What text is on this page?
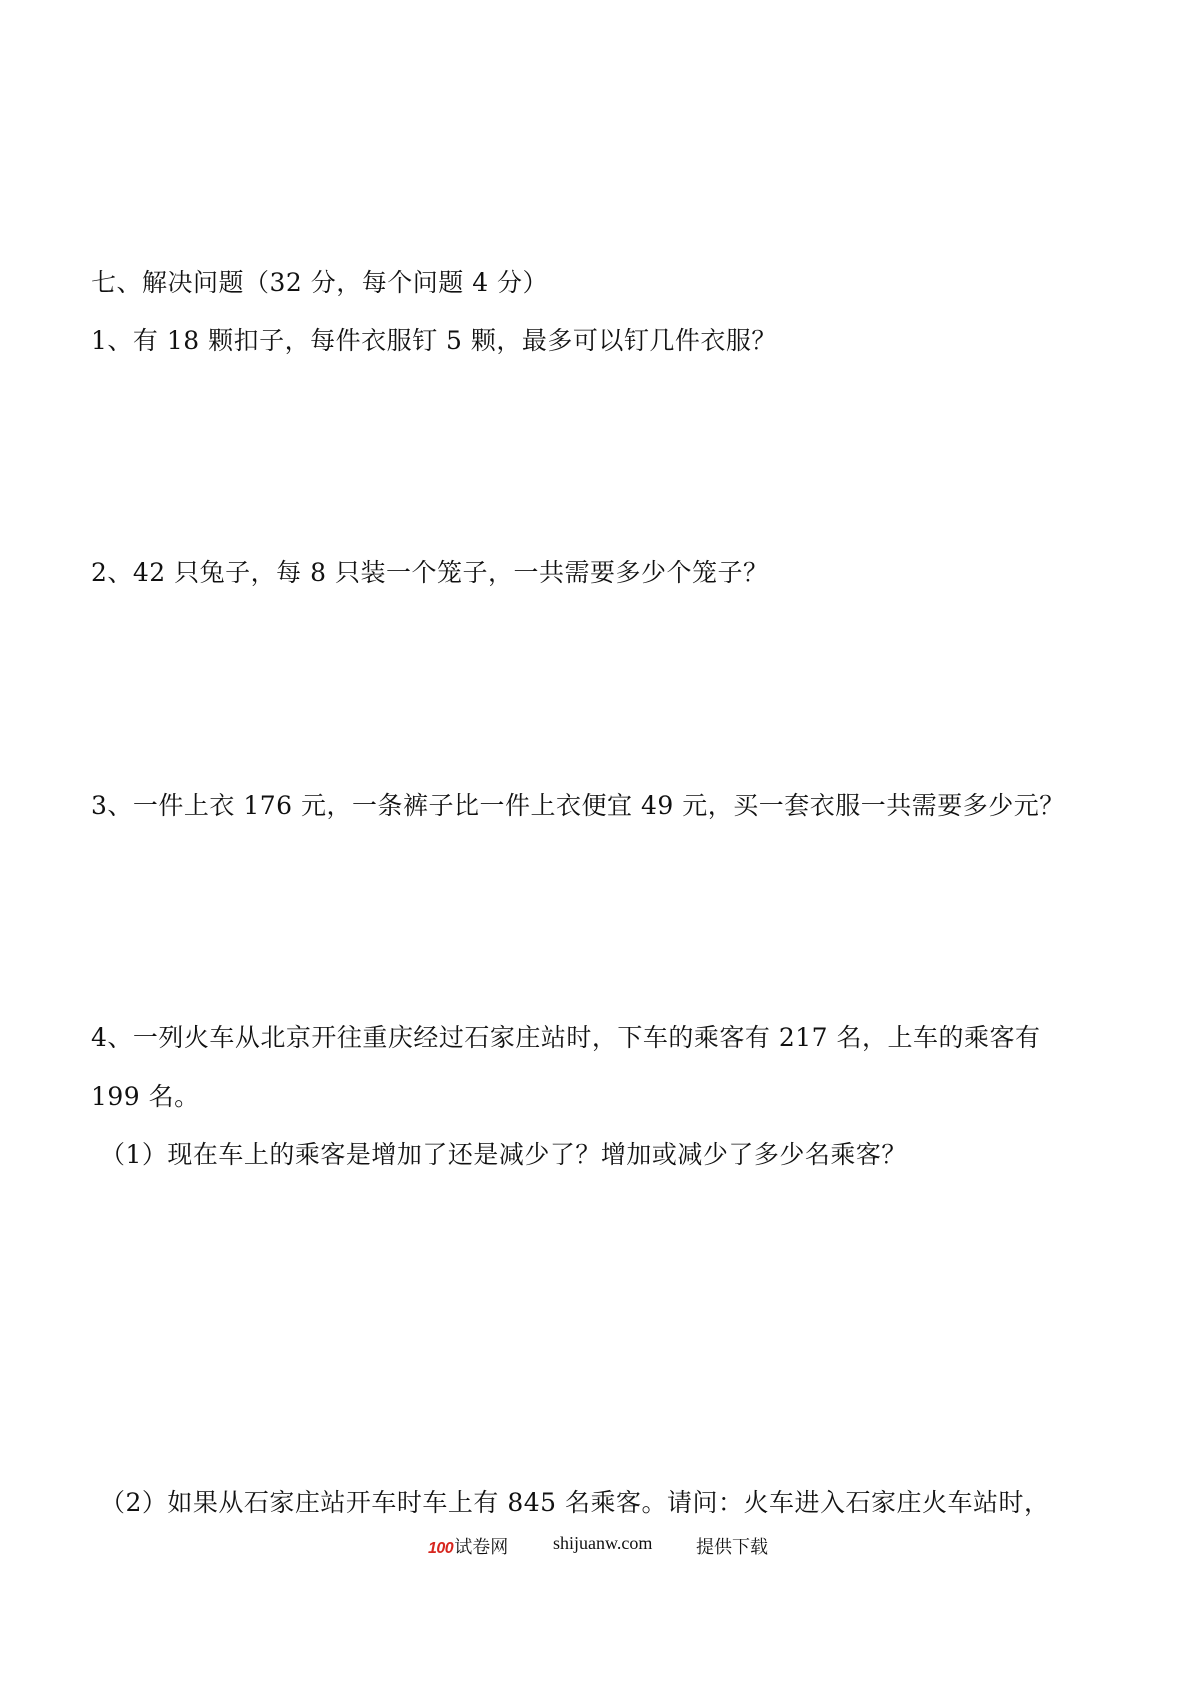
七、解决问题（32 分，每个问题 4 分）
1、有 18 颗扣子，每件衣服钉 5 颗，最多可以钉几件衣服？
2、42 只兔子，每 8 只装一个笼子，一共需要多少个笼子？
3、一件上衣 176 元，一条裤子比一件上衣便宜 49 元，买一套衣服一共需要多少元？
4、一列火车从北京开往重庆经过石家庄站时，下车的乘客有 217 名，上车的乘客有
199 名。
（1）现在车上的乘客是增加了还是减少了？增加或减少了多少名乘客？
（2）如果从石家庄站开车时车上有 845 名乘客。请问：火车进入石家庄火车站时，
100 试卷网 shijuanw.com 提供下载
